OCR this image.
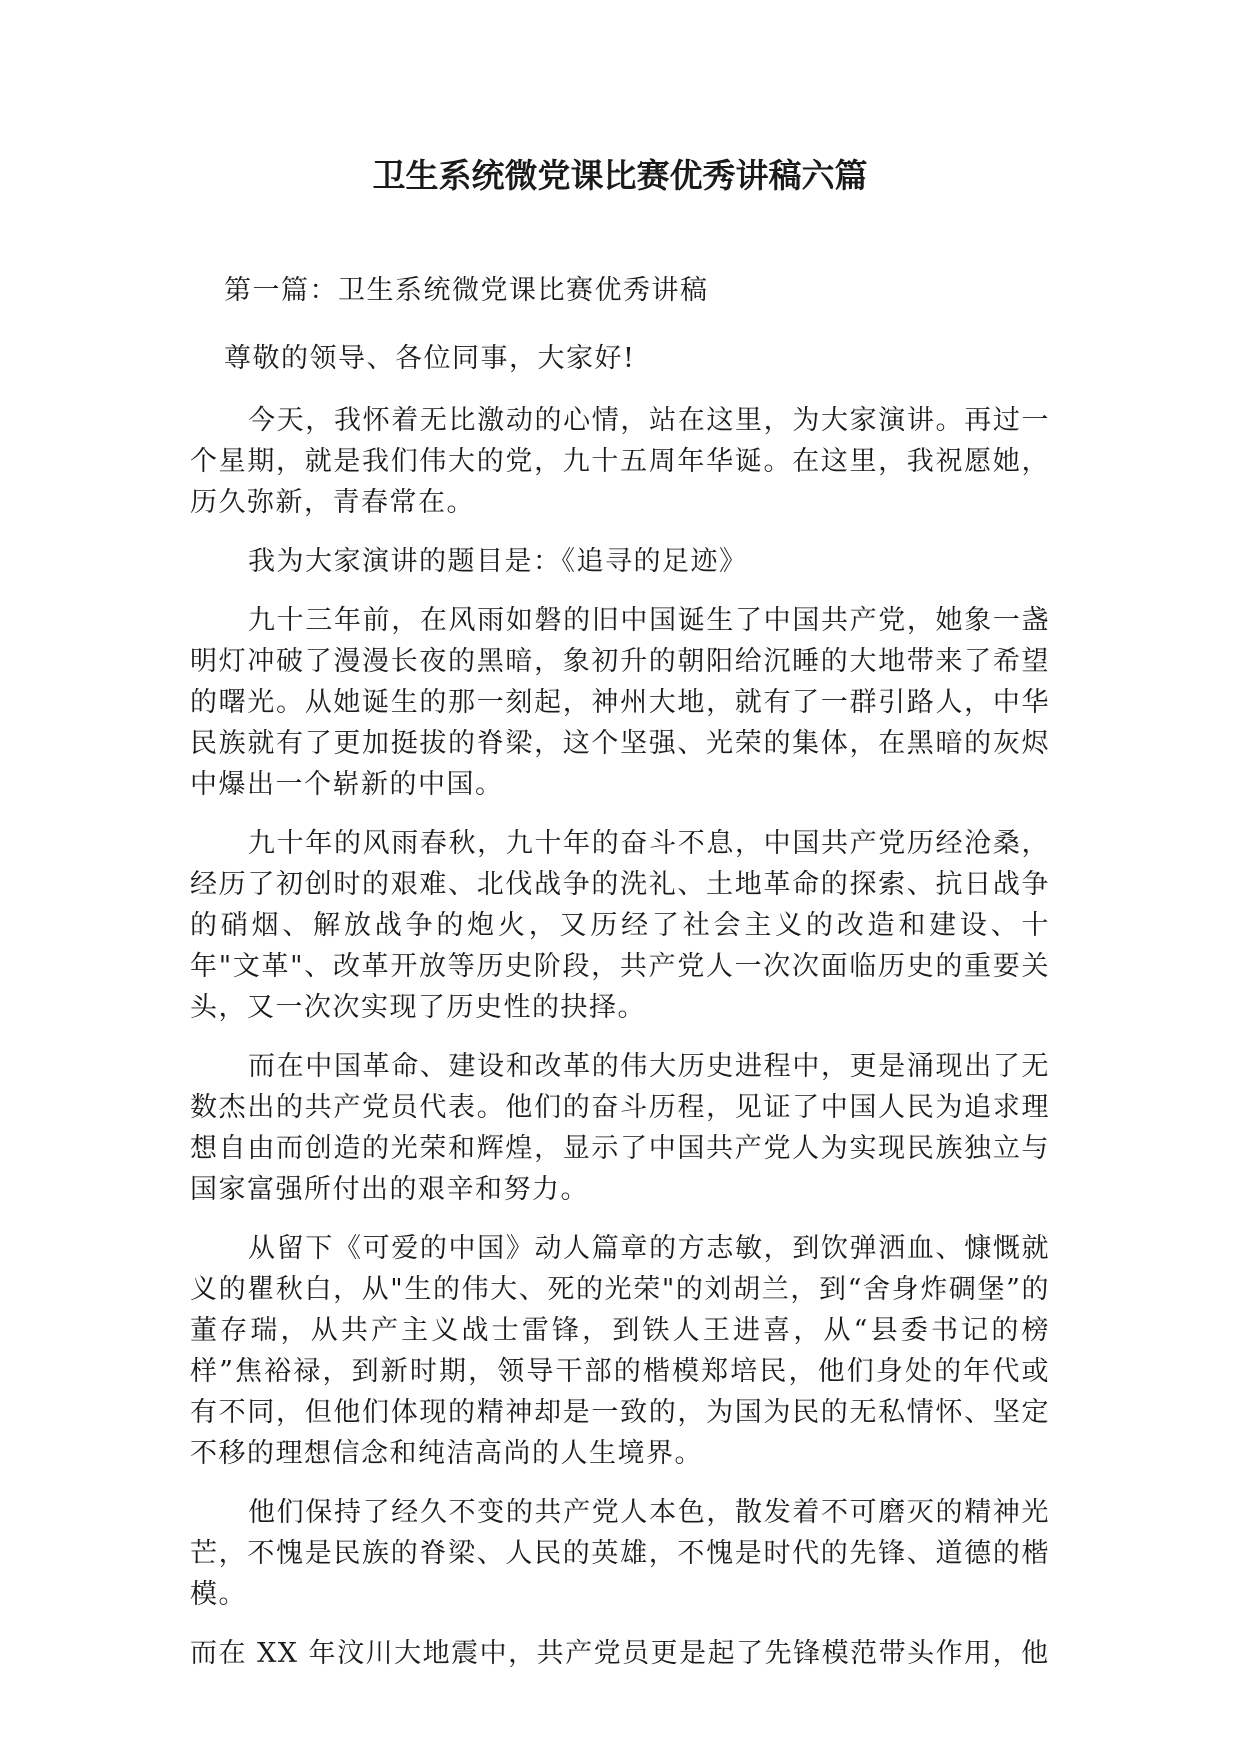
卫生系统微党课比赛优秀讲稿六篇

第一篇：卫生系统微党课比赛优秀讲稿

尊敬的领导、各位同事，大家好!

今天，我怀着无比激动的心情，站在这里，为大家演讲。再过一个星期，就是我们伟大的党，九十五周年华诞。在这里，我祝愿她，历久弥新，青春常在。

我为大家演讲的题目是：《追寻的足迹》

九十三年前，在风雨如磐的旧中国诞生了中国共产党，她象一盏明灯冲破了漫漫长夜的黑暗，象初升的朝阳给沉睡的大地带来了希望的曙光。从她诞生的那一刻起，神州大地，就有了一群引路人，中华民族就有了更加挺拔的脊梁，这个坚强、光荣的集体，在黑暗的灰烬中爆出一个崭新的中国。

九十年的风雨春秋，九十年的奋斗不息，中国共产党历经沧桑，经历了初创时的艰难、北伐战争的洗礼、土地革命的探索、抗日战争的硝烟、解放战争的炮火，又历经了社会主义的改造和建设、十年"文革"、改革开放等历史阶段，共产党人一次次面临历史的重要关头，又一次次实现了历史性的抉择。

而在中国革命、建设和改革的伟大历史进程中，更是涌现出了无数杰出的共产党员代表。他们的奋斗历程，见证了中国人民为追求理想自由而创造的光荣和辉煌，显示了中国共产党人为实现民族独立与国家富强所付出的艰辛和努力。

从留下《可爱的中国》动人篇章的方志敏，到饮弹洒血、慷慨就义的瞿秋白，从"生的伟大、死的光荣"的刘胡兰，到“舍身炸碉堡”的董存瑞，从共产主义战士雷锋，到铁人王进喜，从“县委书记的榜样”焦裕禄，到新时期，领导干部的楷模郑培民，他们身处的年代或有不同，但他们体现的精神却是一致的，为国为民的无私情怀、坚定不移的理想信念和纯洁高尚的人生境界。

他们保持了经久不变的共产党人本色，散发着不可磨灭的精神光芒，不愧是民族的脊梁、人民的英雄，不愧是时代的先锋、道德的楷模。

而在 XX 年汶川大地震中，共产党员更是起了先锋模范带头作用，他
